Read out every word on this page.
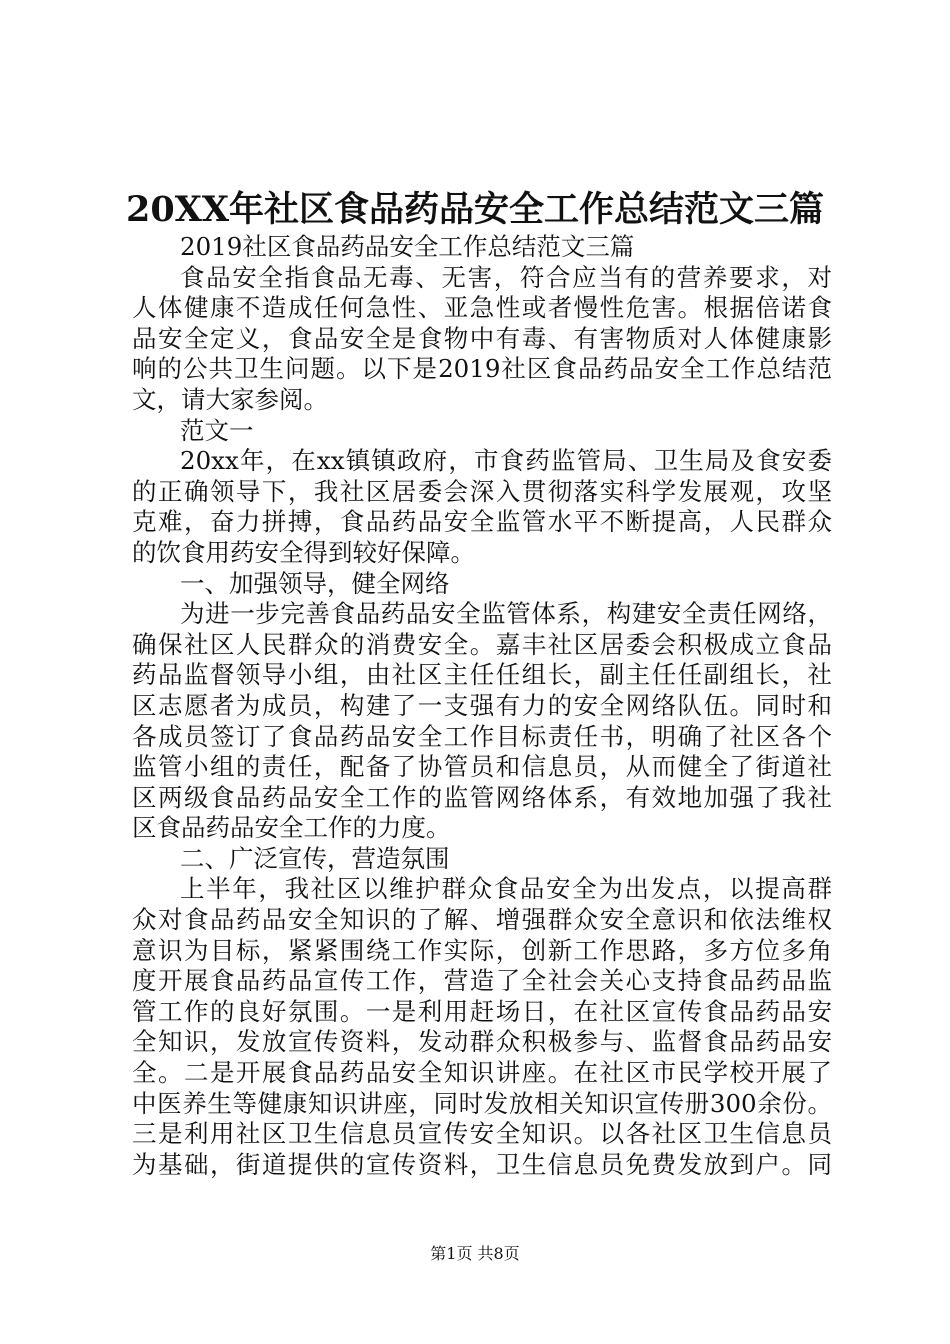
20XX年社区食品药品安全工作总结范文三篇
2019社区食品药品安全工作总结范文三篇
食品安全指食品无毒、无害，符合应当有的营养要求，对
人体健康不造成任何急性、亚急性或者慢性危害。根据倍诺食
品安全定义，食品安全是食物中有毒、有害物质对人体健康影
响的公共卫生问题。以下是2019社区食品药品安全工作总结范
文，请大家参阅。
范文一
20xx年，在xx镇镇政府，市食药监管局、卫生局及食安委
的正确领导下，我社区居委会深入贯彻落实科学发展观，攻坚
克难，奋力拼搏，食品药品安全监管水平不断提高，人民群众
的饮食用药安全得到较好保障。
一、加强领导，健全网络
为进一步完善食品药品安全监管体系，构建安全责任网络，
确保社区人民群众的消费安全。嘉丰社区居委会积极成立食品
药品监督领导小组，由社区主任任组长，副主任任副组长，社
区志愿者为成员，构建了一支强有力的安全网络队伍。同时和
各成员签订了食品药品安全工作目标责任书，明确了社区各个
监管小组的责任，配备了协管员和信息员，从而健全了街道社
区两级食品药品安全工作的监管网络体系，有效地加强了我社
区食品药品安全工作的力度。
二、广泛宣传，营造氛围
上半年，我社区以维护群众食品安全为出发点，以提高群
众对食品药品安全知识的了解、增强群众安全意识和依法维权
意识为目标，紧紧围绕工作实际，创新工作思路，多方位多角
度开展食品药品宣传工作，营造了全社会关心支持食品药品监
管工作的良好氛围。一是利用赶场日，在社区宣传食品药品安
全知识，发放宣传资料，发动群众积极参与、监督食品药品安
全。二是开展食品药品安全知识讲座。在社区市民学校开展了
中医养生等健康知识讲座，同时发放相关知识宣传册300余份。
三是利用社区卫生信息员宣传安全知识。以各社区卫生信息员
为基础，街道提供的宣传资料，卫生信息员免费发放到户。同
第1页 共8页
